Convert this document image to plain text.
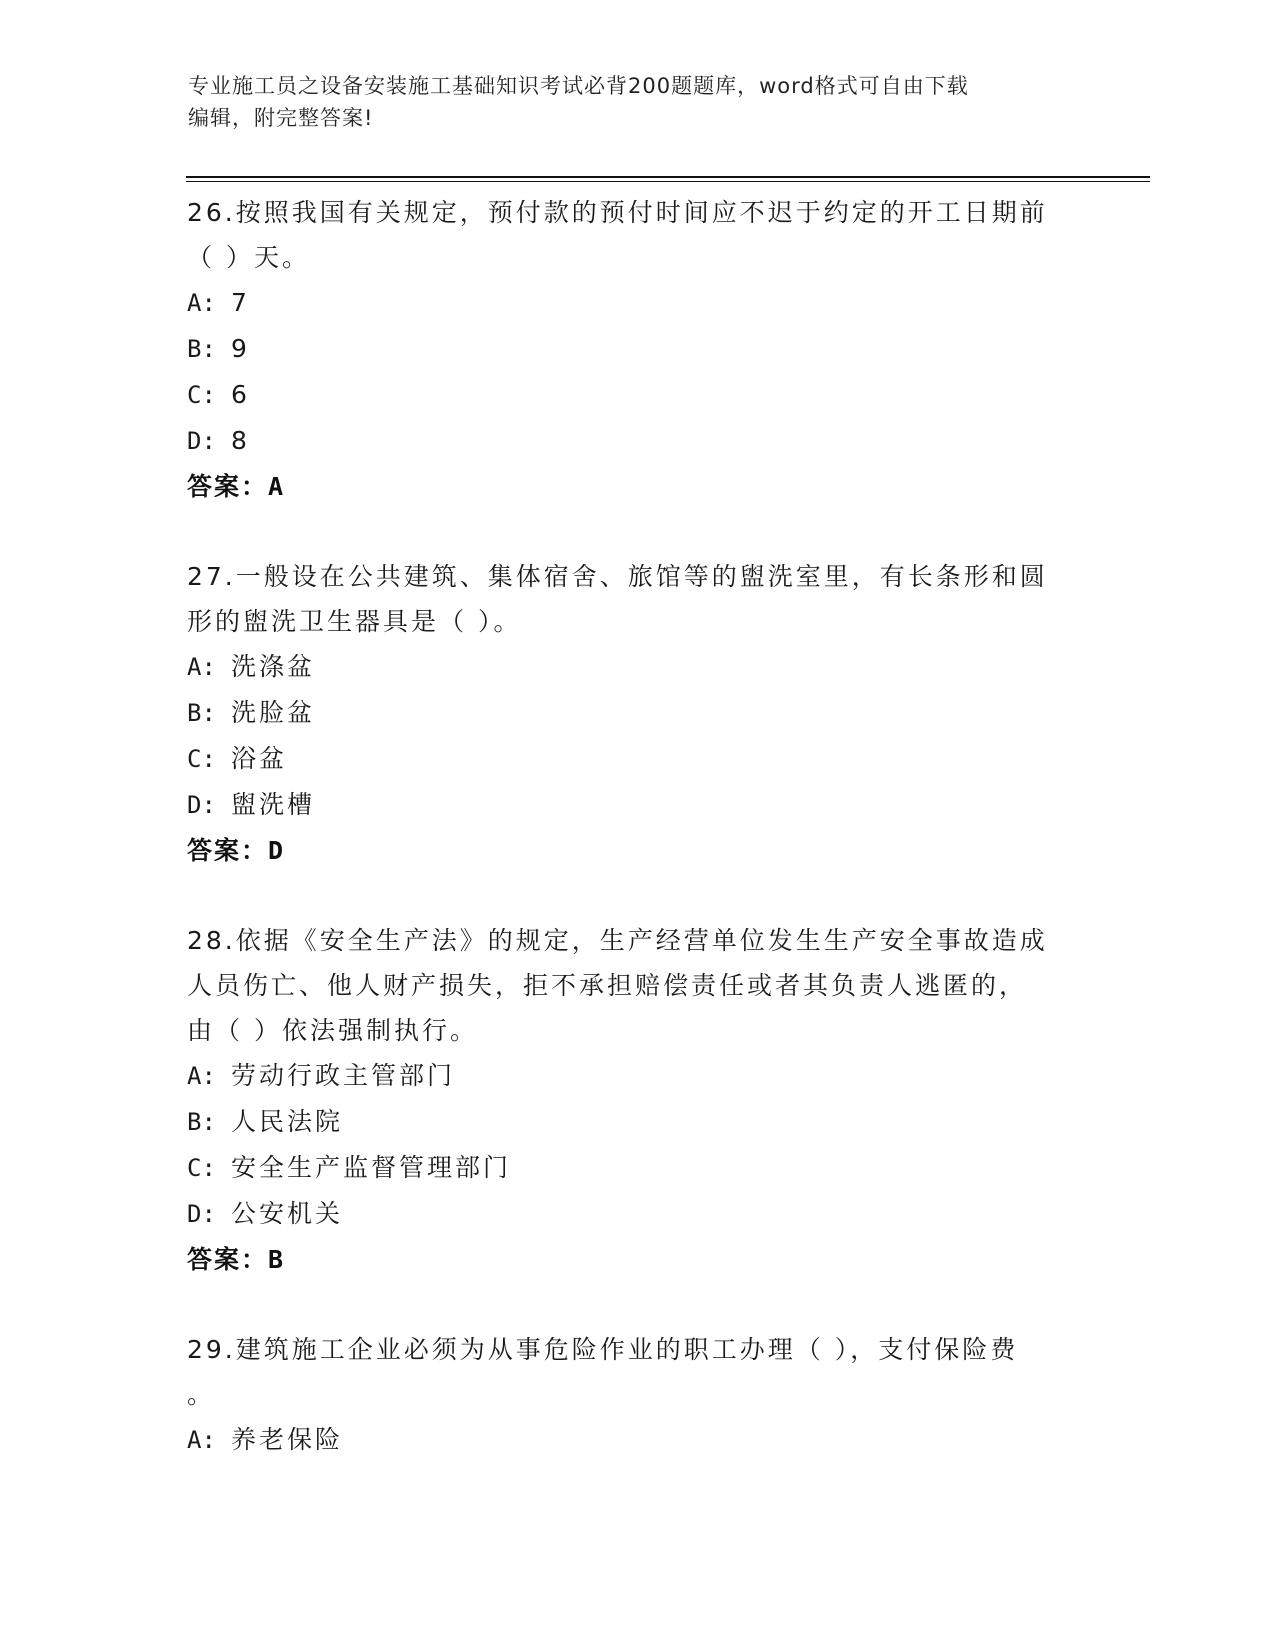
专业施工员之设备安装施工基础知识考试必背200题题库，word格式可自由下载
编辑，附完整答案!
26.按照我国有关规定，预付款的预付时间应不迟于约定的开工日期前
（ ）天。
A: 7
B: 9
C: 6
D: 8
答案：A
27.一般设在公共建筑、集体宿舍、旅馆等的盥洗室里，有长条形和圆
形的盥洗卫生器具是（ ）。
A: 洗涤盆
B: 洗脸盆
C: 浴盆
D: 盥洗槽
答案：D
28.依据《安全生产法》的规定，生产经营单位发生生产安全事故造成
人员伤亡、他人财产损失，拒不承担赔偿责任或者其负责人逃匿的，
由（ ）依法强制执行。
A: 劳动行政主管部门
B: 人民法院
C: 安全生产监督管理部门
D: 公安机关
答案：B
29.建筑施工企业必须为从事危险作业的职工办理（ ），支付保险费
。
A: 养老保险
